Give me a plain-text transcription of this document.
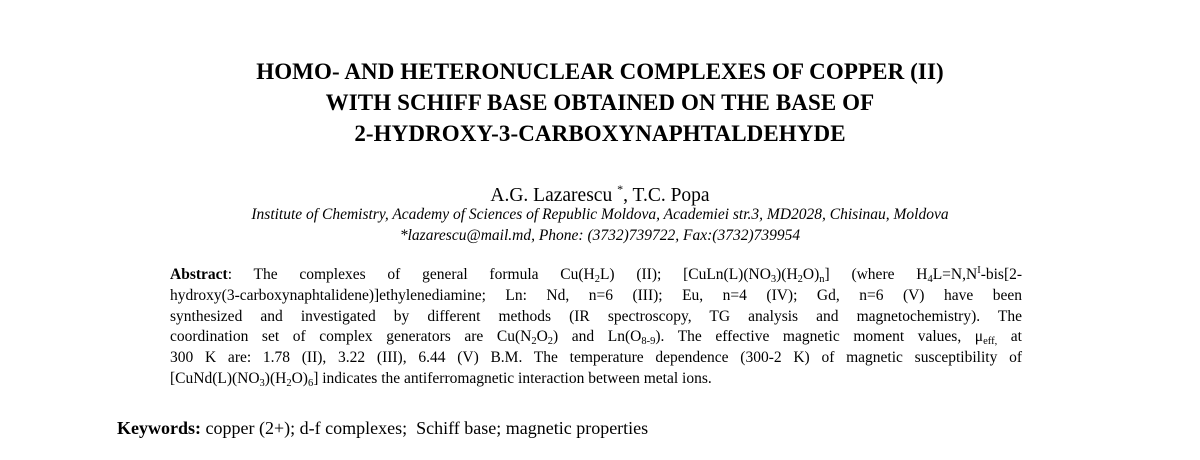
HOMO- AND HETERONUCLEAR COMPLEXES OF COPPER (II)
WITH SCHIFF BASE OBTAINED ON THE BASE OF
2-HYDROXY-3-CARBOXYNAPHTALDEHYDE
A.G. Lazarescu *, T.C. Popa
Institute of Chemistry, Academy of Sciences of Republic Moldova, Academiei str.3, MD2028, Chisinau, Moldova
*lazarescu@mail.md, Phone: (3732)739722, Fax:(3732)739954
Abstract: The complexes of general formula $Cu(H_2L)$ (II); $[CuLn(L)(NO_3)(H_2O)_n]$ (where $H_4L=N,N^I-bis[2-$
hydroxy(3-carboxynaphtalidene)]ethylenediamine; Ln: Nd, n=6 (III); Eu, n=4 (IV); Gd, n=6 (V) have been
synthesized and investigated by different methods (IR spectroscopy, TG analysis and magnetochemistry). The
coordination set of complex generators are $Cu(N_2O_2)$ and $Ln(O_{8-9})$. The effective magnetic moment values, $\mu_{eff,}$ at
300 K are: 1.78 (II), 3.22 (III), 6.44 (V) B.M. The temperature dependence (300-2 K) of magnetic susceptibility of
$[CuNd(L)(NO_3)(H_2O)_6]$ indicates the antiferromagnetic interaction between metal ions.
Keywords: copper (2+); d-f complexes;  Schiff base; magnetic properties
